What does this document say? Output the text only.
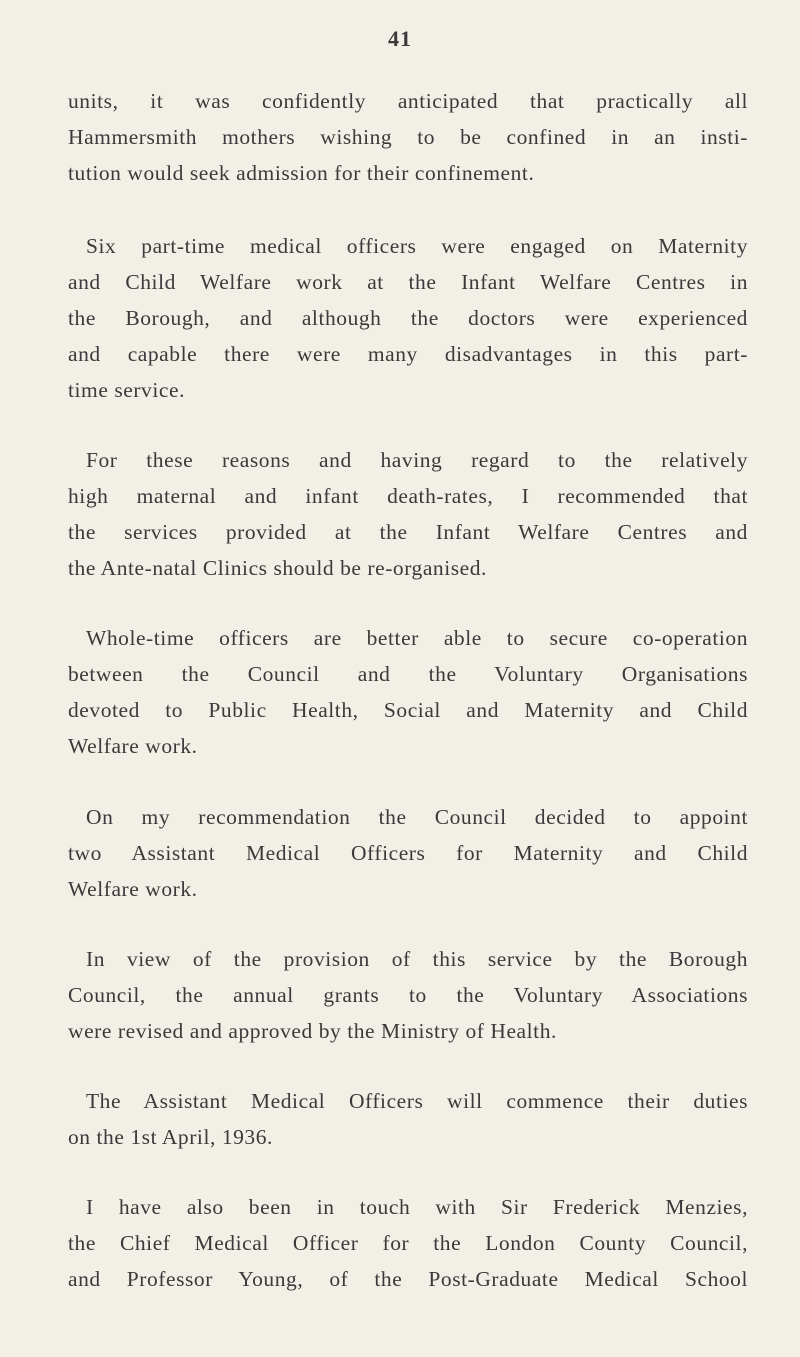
41

units, it was confidently anticipated that practically all
Hammersmith mothers wishing to be confined in an insti-
tution would seek admission for their confinement.

Six part-time medical officers were engaged on Maternity
and Child Welfare work at the Infant Welfare Centres in
the Borough, and although the doctors were experienced
and capable there were many disadvantages in this part-
time service.

For these reasons and having regard to the relatively
high maternal and infant death-rates, I recommended that
the services provided at the Infant Welfare Centres and
the Ante-natal Clinics should be re-organised.

Whole-time officers are better able to secure co-operation
between the Council and the Voluntary Organisations
devoted to Public Health, Social and Maternity and Child
Welfare work.

On my recommendation the Council decided to appoint
two Assistant Medical Officers for Maternity and Child
Welfare work.

In view of the provision of this service by the Borough
Council, the annual grants to the Voluntary Associations
were revised and approved by the Ministry of Health.

The Assistant Medical Officers will commence their duties
on the 1st April, 1936.

I have also been in touch with Sir Frederick Menzies,
the Chief Medical Officer for the London County Council,
and Professor Young, of the Post-Graduate Medical School
